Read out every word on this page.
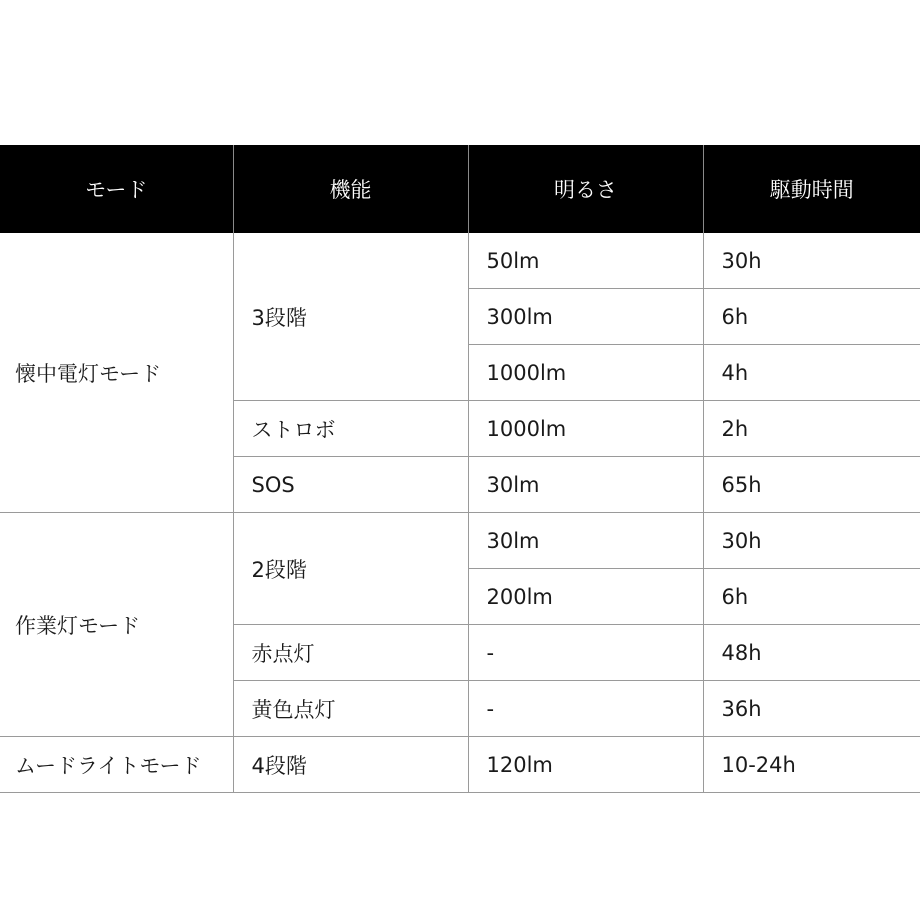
モード	機能	明るさ	駆動時間
懐中電灯モード	3段階	50lm	30h
		300lm	6h
		1000lm	4h
	ストロボ	1000lm	2h
	SOS	30lm	65h
作業灯モード	2段階	30lm	30h
		200lm	6h
	赤点灯	-	48h
	黄色点灯	-	36h
ムードライトモード	4段階	120lm	10-24h
